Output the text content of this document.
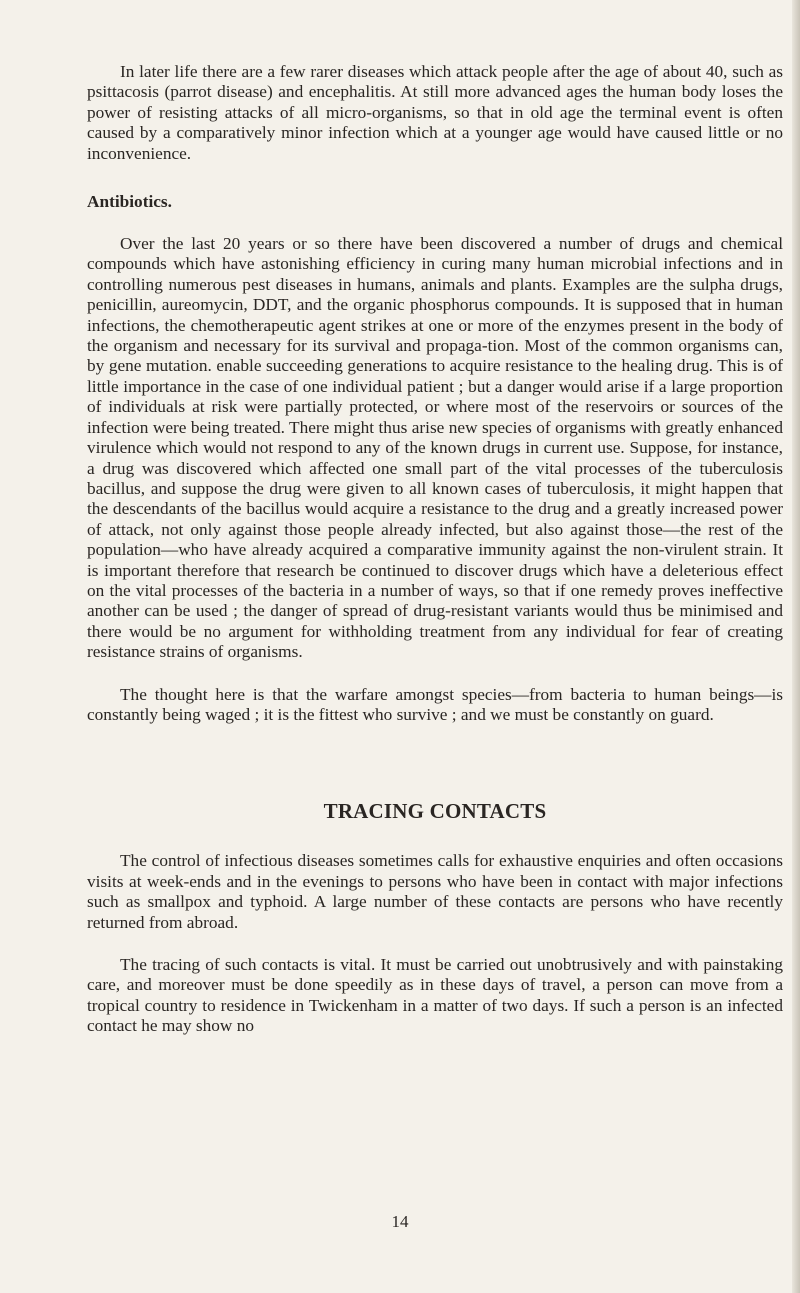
In later life there are a few rarer diseases which attack people after the age of about 40, such as psittacosis (parrot disease) and encephalitis. At still more advanced ages the human body loses the power of resisting attacks of all micro-organisms, so that in old age the terminal event is often caused by a comparatively minor infection which at a younger age would have caused little or no inconvenience.

Antibiotics.

Over the last 20 years or so there have been discovered a number of drugs and chemical compounds which have astonishing efficiency in curing many human microbial infections and in controlling numerous pest diseases in humans, animals and plants. Examples are the sulpha drugs, penicillin, aureomycin, DDT, and the organic phosphorus compounds. It is supposed that in human infections, the chemotherapeutic agent strikes at one or more of the enzymes present in the body of the organism and necessary for its survival and propaga-tion. Most of the common organisms can, by gene mutation. enable succeeding generations to acquire resistance to the healing drug. This is of little importance in the case of one individual patient ; but a danger would arise if a large proportion of individuals at risk were partially protected, or where most of the reservoirs or sources of the infection were being treated. There might thus arise new species of organisms with greatly enhanced virulence which would not respond to any of the known drugs in current use. Suppose, for instance, a drug was discovered which affected one small part of the vital processes of the tuberculosis bacillus, and suppose the drug were given to all known cases of tuberculosis, it might happen that the descendants of the bacillus would acquire a resistance to the drug and a greatly increased power of attack, not only against those people already infected, but also against those—the rest of the population—who have already acquired a comparative immunity against the non-virulent strain. It is important therefore that research be continued to discover drugs which have a deleterious effect on the vital processes of the bacteria in a number of ways, so that if one remedy proves ineffective another can be used ; the danger of spread of drug-resistant variants would thus be minimised and there would be no argument for withholding treatment from any individual for fear of creating resistance strains of organisms.

The thought here is that the warfare amongst species—from bacteria to human beings—is constantly being waged ; it is the fittest who survive ; and we must be constantly on guard.

TRACING CONTACTS

The control of infectious diseases sometimes calls for exhaustive enquiries and often occasions visits at week-ends and in the evenings to persons who have been in contact with major infections such as smallpox and typhoid. A large number of these contacts are persons who have recently returned from abroad.

The tracing of such contacts is vital. It must be carried out unobtrusively and with painstaking care, and moreover must be done speedily as in these days of travel, a person can move from a tropical country to residence in Twickenham in a matter of two days. If such a person is an infected contact he may show no

14
